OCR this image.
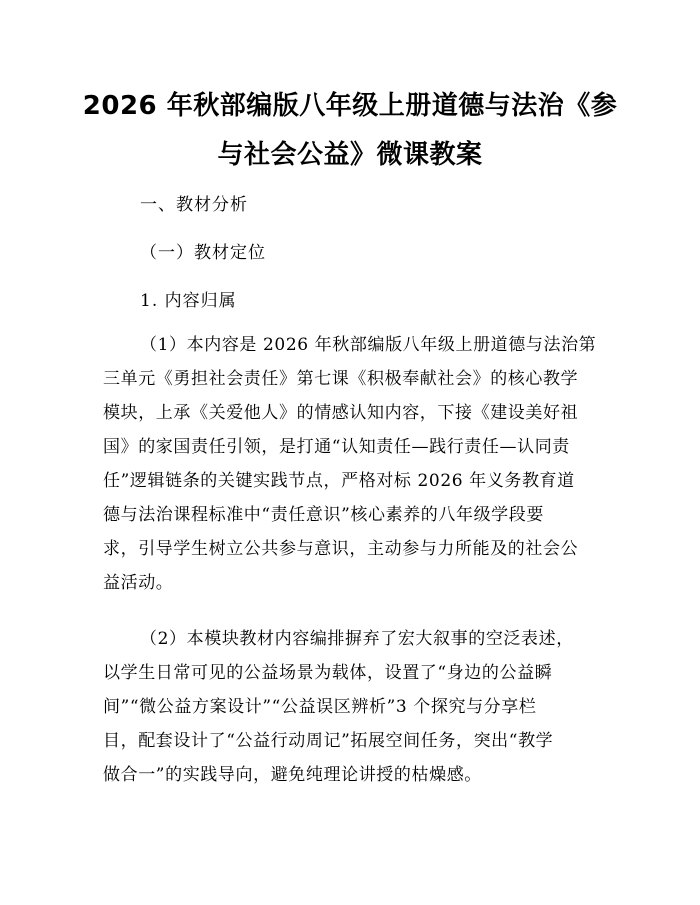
2026 年秋部编版八年级上册道德与法治《参
与社会公益》微课教案
一、教材分析
（一）教材定位
1. 内容归属
（1）本内容是 2026 年秋部编版八年级上册道德与法治第
三单元《勇担社会责任》第七课《积极奉献社会》的核心教学
模块，上承《关爱他人》的情感认知内容，下接《建设美好祖
国》的家国责任引领，是打通“认知责任—践行责任—认同责
任”逻辑链条的关键实践节点，严格对标 2026 年义务教育道
德与法治课程标准中“责任意识”核心素养的八年级学段要
求，引导学生树立公共参与意识，主动参与力所能及的社会公
益活动。
（2）本模块教材内容编排摒弃了宏大叙事的空泛表述，
以学生日常可见的公益场景为载体，设置了“身边的公益瞬
间”“微公益方案设计”“公益误区辨析”3 个探究与分享栏
目，配套设计了“公益行动周记”拓展空间任务，突出“教学
做合一”的实践导向，避免纯理论讲授的枯燥感。
